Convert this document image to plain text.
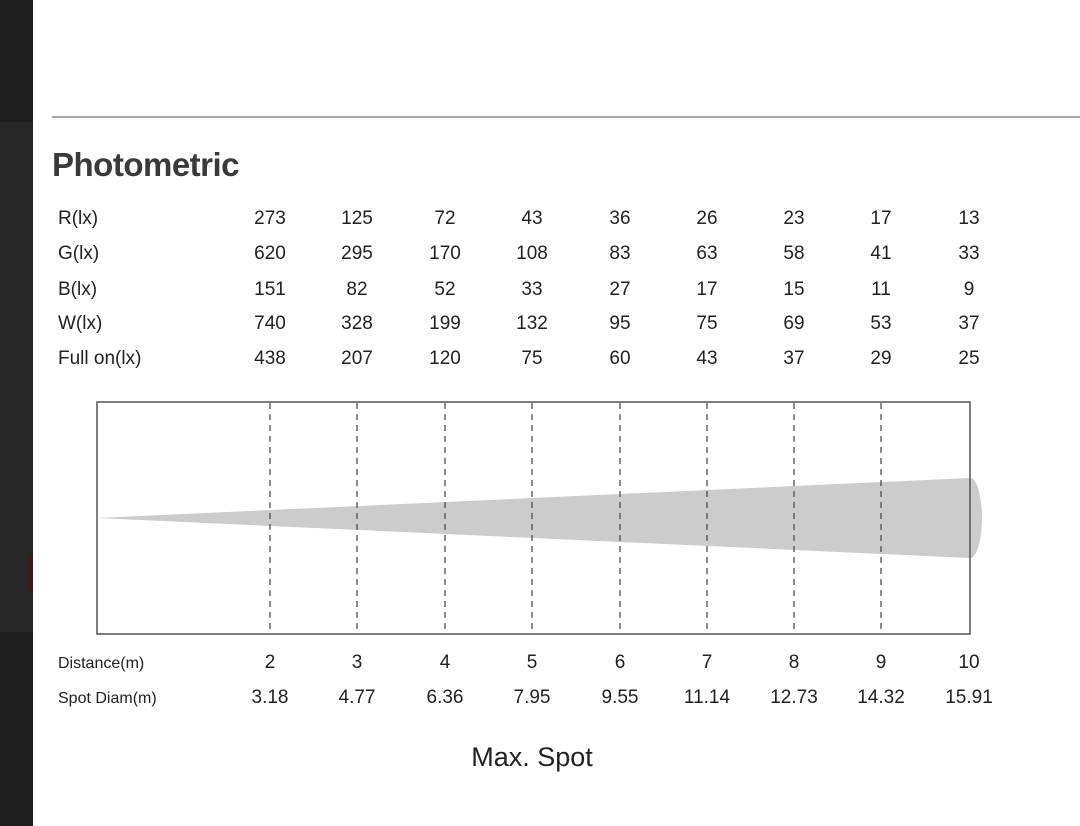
Photometric
R(lx)	273	125	72	43	36	26	23	17	13
G(lx)	620	295	170	108	83	63	58	41	33
B(lx)	151	82	52	33	27	17	15	11	9
W(lx)	740	328	199	132	95	75	69	53	37
Full on(lx)	438	207	120	75	60	43	37	29	25
Distance(m)	2	3	4	5	6	7	8	9	10
Spot Diam(m)	3.18	4.77	6.36	7.95	9.55	11.14	12.73	14.32	15.91
Max. Spot
